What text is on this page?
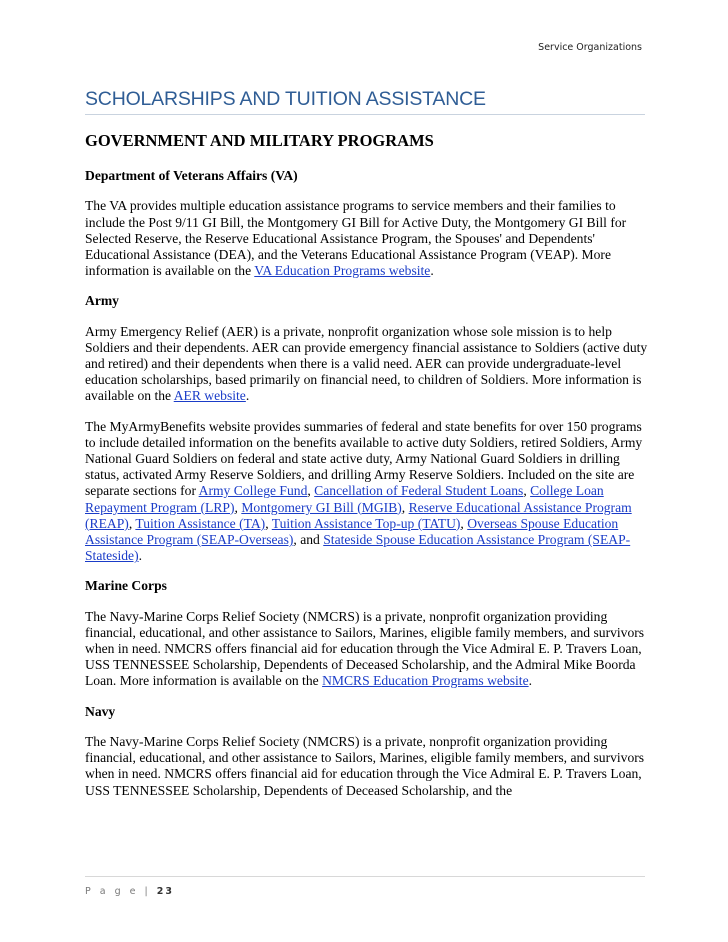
Service Organizations
SCHOLARSHIPS AND TUITION ASSISTANCE
GOVERNMENT AND MILITARY PROGRAMS
Department of Veterans Affairs (VA)

The VA provides multiple education assistance programs to service members and their families to include the Post 9/11 GI Bill, the Montgomery GI Bill for Active Duty, the Montgomery GI Bill for Selected Reserve, the Reserve Educational Assistance Program, the Spouses' and Dependents' Educational Assistance (DEA), and the Veterans Educational Assistance Program (VEAP). More information is available on the VA Education Programs website.

Army

Army Emergency Relief (AER) is a private, nonprofit organization whose sole mission is to help Soldiers and their dependents. AER can provide emergency financial assistance to Soldiers (active duty and retired) and their dependents when there is a valid need. AER can provide undergraduate-level education scholarships, based primarily on financial need, to children of Soldiers. More information is available on the AER website.

The MyArmyBenefits website provides summaries of federal and state benefits for over 150 programs to include detailed information on the benefits available to active duty Soldiers, retired Soldiers, Army National Guard Soldiers on federal and state active duty, Army National Guard Soldiers in drilling status, activated Army Reserve Soldiers, and drilling Army Reserve Soldiers. Included on the site are separate sections for Army College Fund, Cancellation of Federal Student Loans, College Loan Repayment Program (LRP), Montgomery GI Bill (MGIB), Reserve Educational Assistance Program (REAP), Tuition Assistance (TA), Tuition Assistance Top-up (TATU), Overseas Spouse Education Assistance Program (SEAP-Overseas), and Stateside Spouse Education Assistance Program (SEAP-Stateside).

Marine Corps

The Navy-Marine Corps Relief Society (NMCRS) is a private, nonprofit organization providing financial, educational, and other assistance to Sailors, Marines, eligible family members, and survivors when in need. NMCRS offers financial aid for education through the Vice Admiral E. P. Travers Loan, USS TENNESSEE Scholarship, Dependents of Deceased Scholarship, and the Admiral Mike Boorda Loan. More information is available on the NMCRS Education Programs website.

Navy

The Navy-Marine Corps Relief Society (NMCRS) is a private, nonprofit organization providing financial, educational, and other assistance to Sailors, Marines, eligible family members, and survivors when in need. NMCRS offers financial aid for education through the Vice Admiral E. P. Travers Loan, USS TENNESSEE Scholarship, Dependents of Deceased Scholarship, and the

P a g e | 23
